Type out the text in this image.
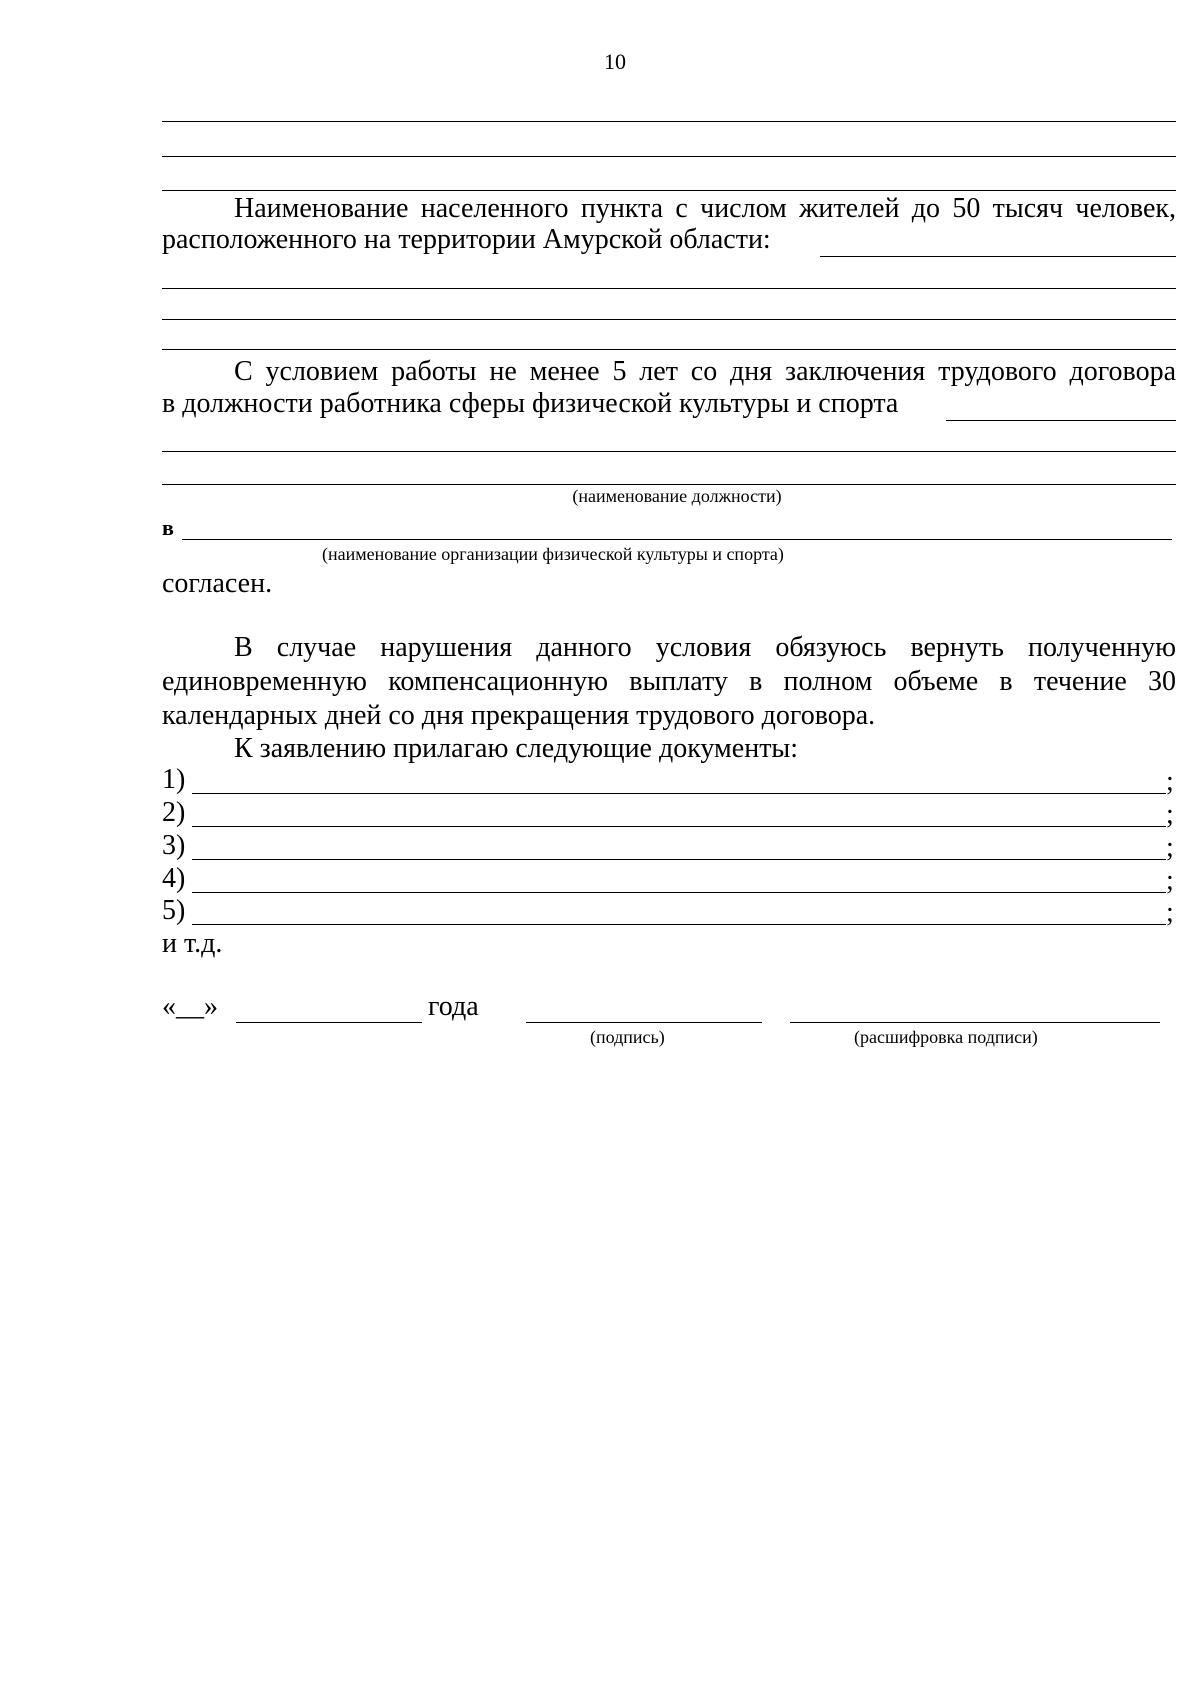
10
Наименование населенного пункта с числом жителей до 50 тысяч человек,
расположенного на территории Амурской области:
С условием работы не менее 5 лет со дня заключения трудового договора
в должности работника сферы физической культуры и спорта
(наименование должности)
в
(наименование организации физической культуры и спорта)
согласен.
В случае нарушения данного условия обязуюсь вернуть полученную
единовременную компенсационную выплату в полном объеме в течение 30
календарных дней со дня прекращения трудового договора.
К заявлению прилагаю следующие документы:
1)	;
2)	;
3)	;
4)	;
5)	;
и т.д.
«__»	года
(подпись)	(расшифровка подписи)
